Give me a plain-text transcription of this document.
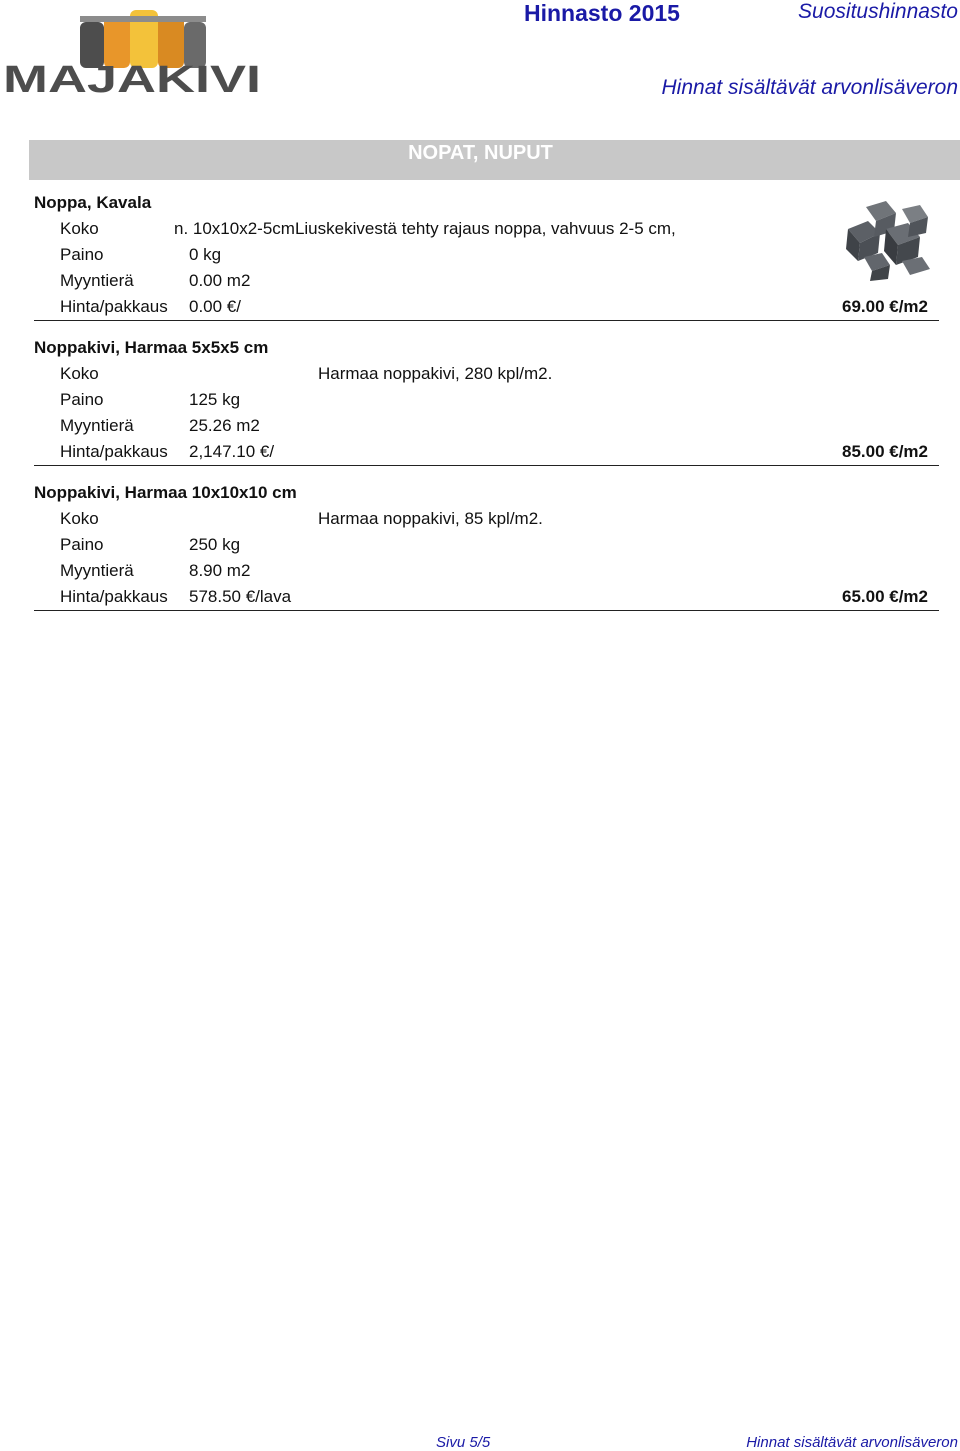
MAJAKIVI
Hinnasto 2015	Suositushinnasto
Hinnat sisältävät arvonlisäveron
NOPAT, NUPUT
Noppa, Kavala
Koko	n. 10x10x2-5cmLiuskekivestä tehty rajaus noppa, vahvuus 2-5 cm,
Paino	0 kg
Myyntierä	0.00 m2
Hinta/pakkaus 0.00 €/	69.00 €/m2
Noppakivi, Harmaa 5x5x5 cm
Koko	Harmaa noppakivi, 280 kpl/m2.
Paino	125 kg
Myyntierä	25.26 m2
Hinta/pakkaus 2,147.10 €/	85.00 €/m2
Noppakivi, Harmaa 10x10x10 cm
Koko	Harmaa noppakivi, 85 kpl/m2.
Paino	250 kg
Myyntierä	8.90 m2
Hinta/pakkaus 578.50 €/lava	65.00 €/m2
Sivu 5/5	Hinnat sisältävät arvonlisäveron
